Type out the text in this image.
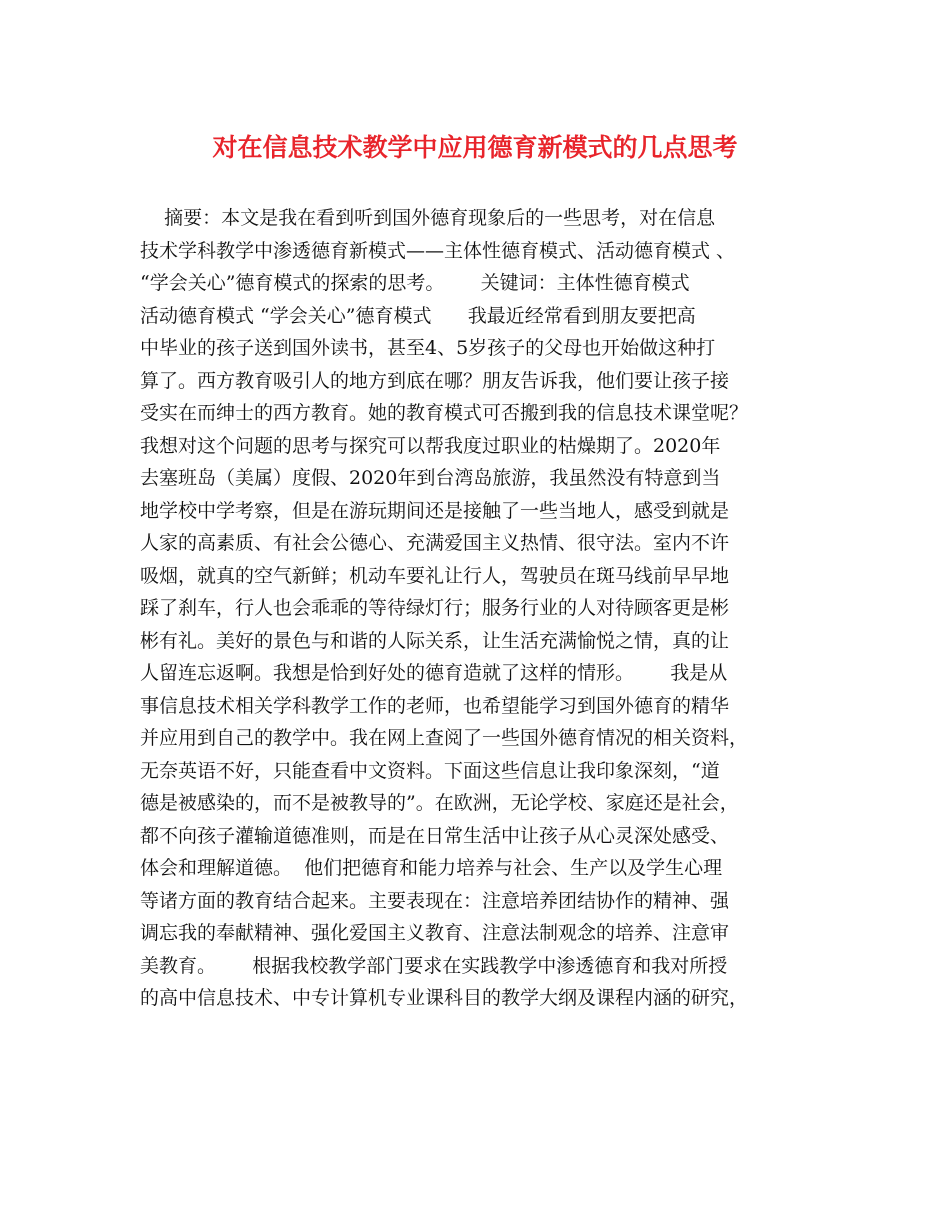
对在信息技术教学中应用德育新模式的几点思考
摘要：本文是我在看到听到国外德育现象后的一些思考，对在信息
技术学科教学中渗透德育新模式——主体性德育模式、活动德育模式 、
“学会关心”德育模式的探索的思考。      关键词：主体性德育模式
活动德育模式 “学会关心”德育模式      我最近经常看到朋友要把高
中毕业的孩子送到国外读书，甚至4、5岁孩子的父母也开始做这种打
算了。西方教育吸引人的地方到底在哪？朋友告诉我，他们要让孩子接
受实在而绅士的西方教育。她的教育模式可否搬到我的信息技术课堂呢？
我想对这个问题的思考与探究可以帮我度过职业的枯燥期了。2020年
去塞班岛（美属）度假、2020年到台湾岛旅游，我虽然没有特意到当
地学校中学考察，但是在游玩期间还是接触了一些当地人，感受到就是
人家的高素质、有社会公德心、充满爱国主义热情、很守法。室内不许
吸烟，就真的空气新鲜；机动车要礼让行人，驾驶员在斑马线前早早地
踩了刹车，行人也会乖乖的等待绿灯行；服务行业的人对待顾客更是彬
彬有礼。美好的景色与和谐的人际关系，让生活充满愉悦之情，真的让
人留连忘返啊。我想是恰到好处的德育造就了这样的情形。      我是从
事信息技术相关学科教学工作的老师，也希望能学习到国外德育的精华
并应用到自己的教学中。我在网上查阅了一些国外德育情况的相关资料，
无奈英语不好，只能查看中文资料。下面这些信息让我印象深刻，“道
德是被感染的，而不是被教导的”。在欧洲，无论学校、家庭还是社会，
都不向孩子灌输道德准则，而是在日常生活中让孩子从心灵深处感受、
体会和理解道德。  他们把德育和能力培养与社会、生产以及学生心理
等诸方面的教育结合起来。主要表现在：注意培养团结协作的精神、强
调忘我的奉献精神、强化爱国主义教育、注意法制观念的培养、注意审
美教育。      根据我校教学部门要求在实践教学中渗透德育和我对所授
的高中信息技术、中专计算机专业课科目的教学大纲及课程内涵的研究，
